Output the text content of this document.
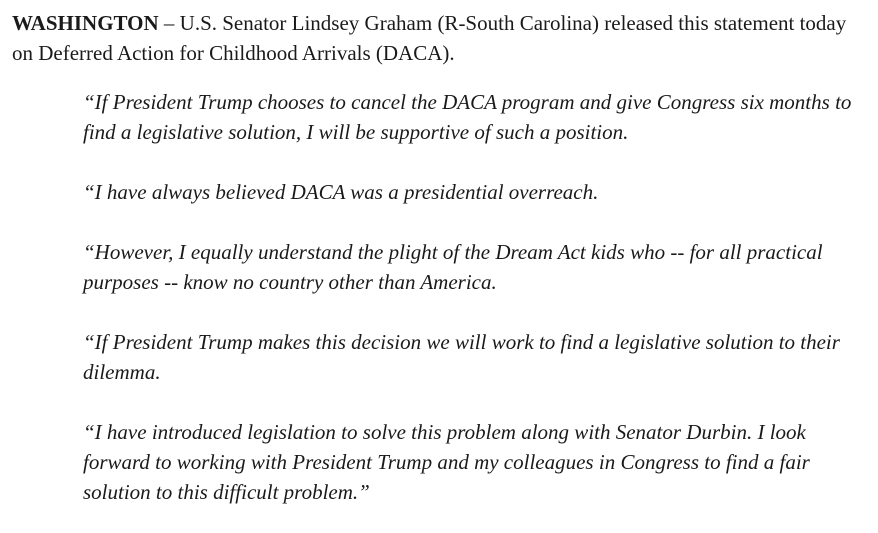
WASHINGTON – U.S. Senator Lindsey Graham (R-South Carolina) released this statement today on Deferred Action for Childhood Arrivals (DACA).

“If President Trump chooses to cancel the DACA program and give Congress six months to find a legislative solution, I will be supportive of such a position.

“I have always believed DACA was a presidential overreach.

“However, I equally understand the plight of the Dream Act kids who -- for all practical purposes -- know no country other than America.

“If President Trump makes this decision we will work to find a legislative solution to their dilemma.

“I have introduced legislation to solve this problem along with Senator Durbin. I look forward to working with President Trump and my colleagues in Congress to find a fair solution to this difficult problem.”
